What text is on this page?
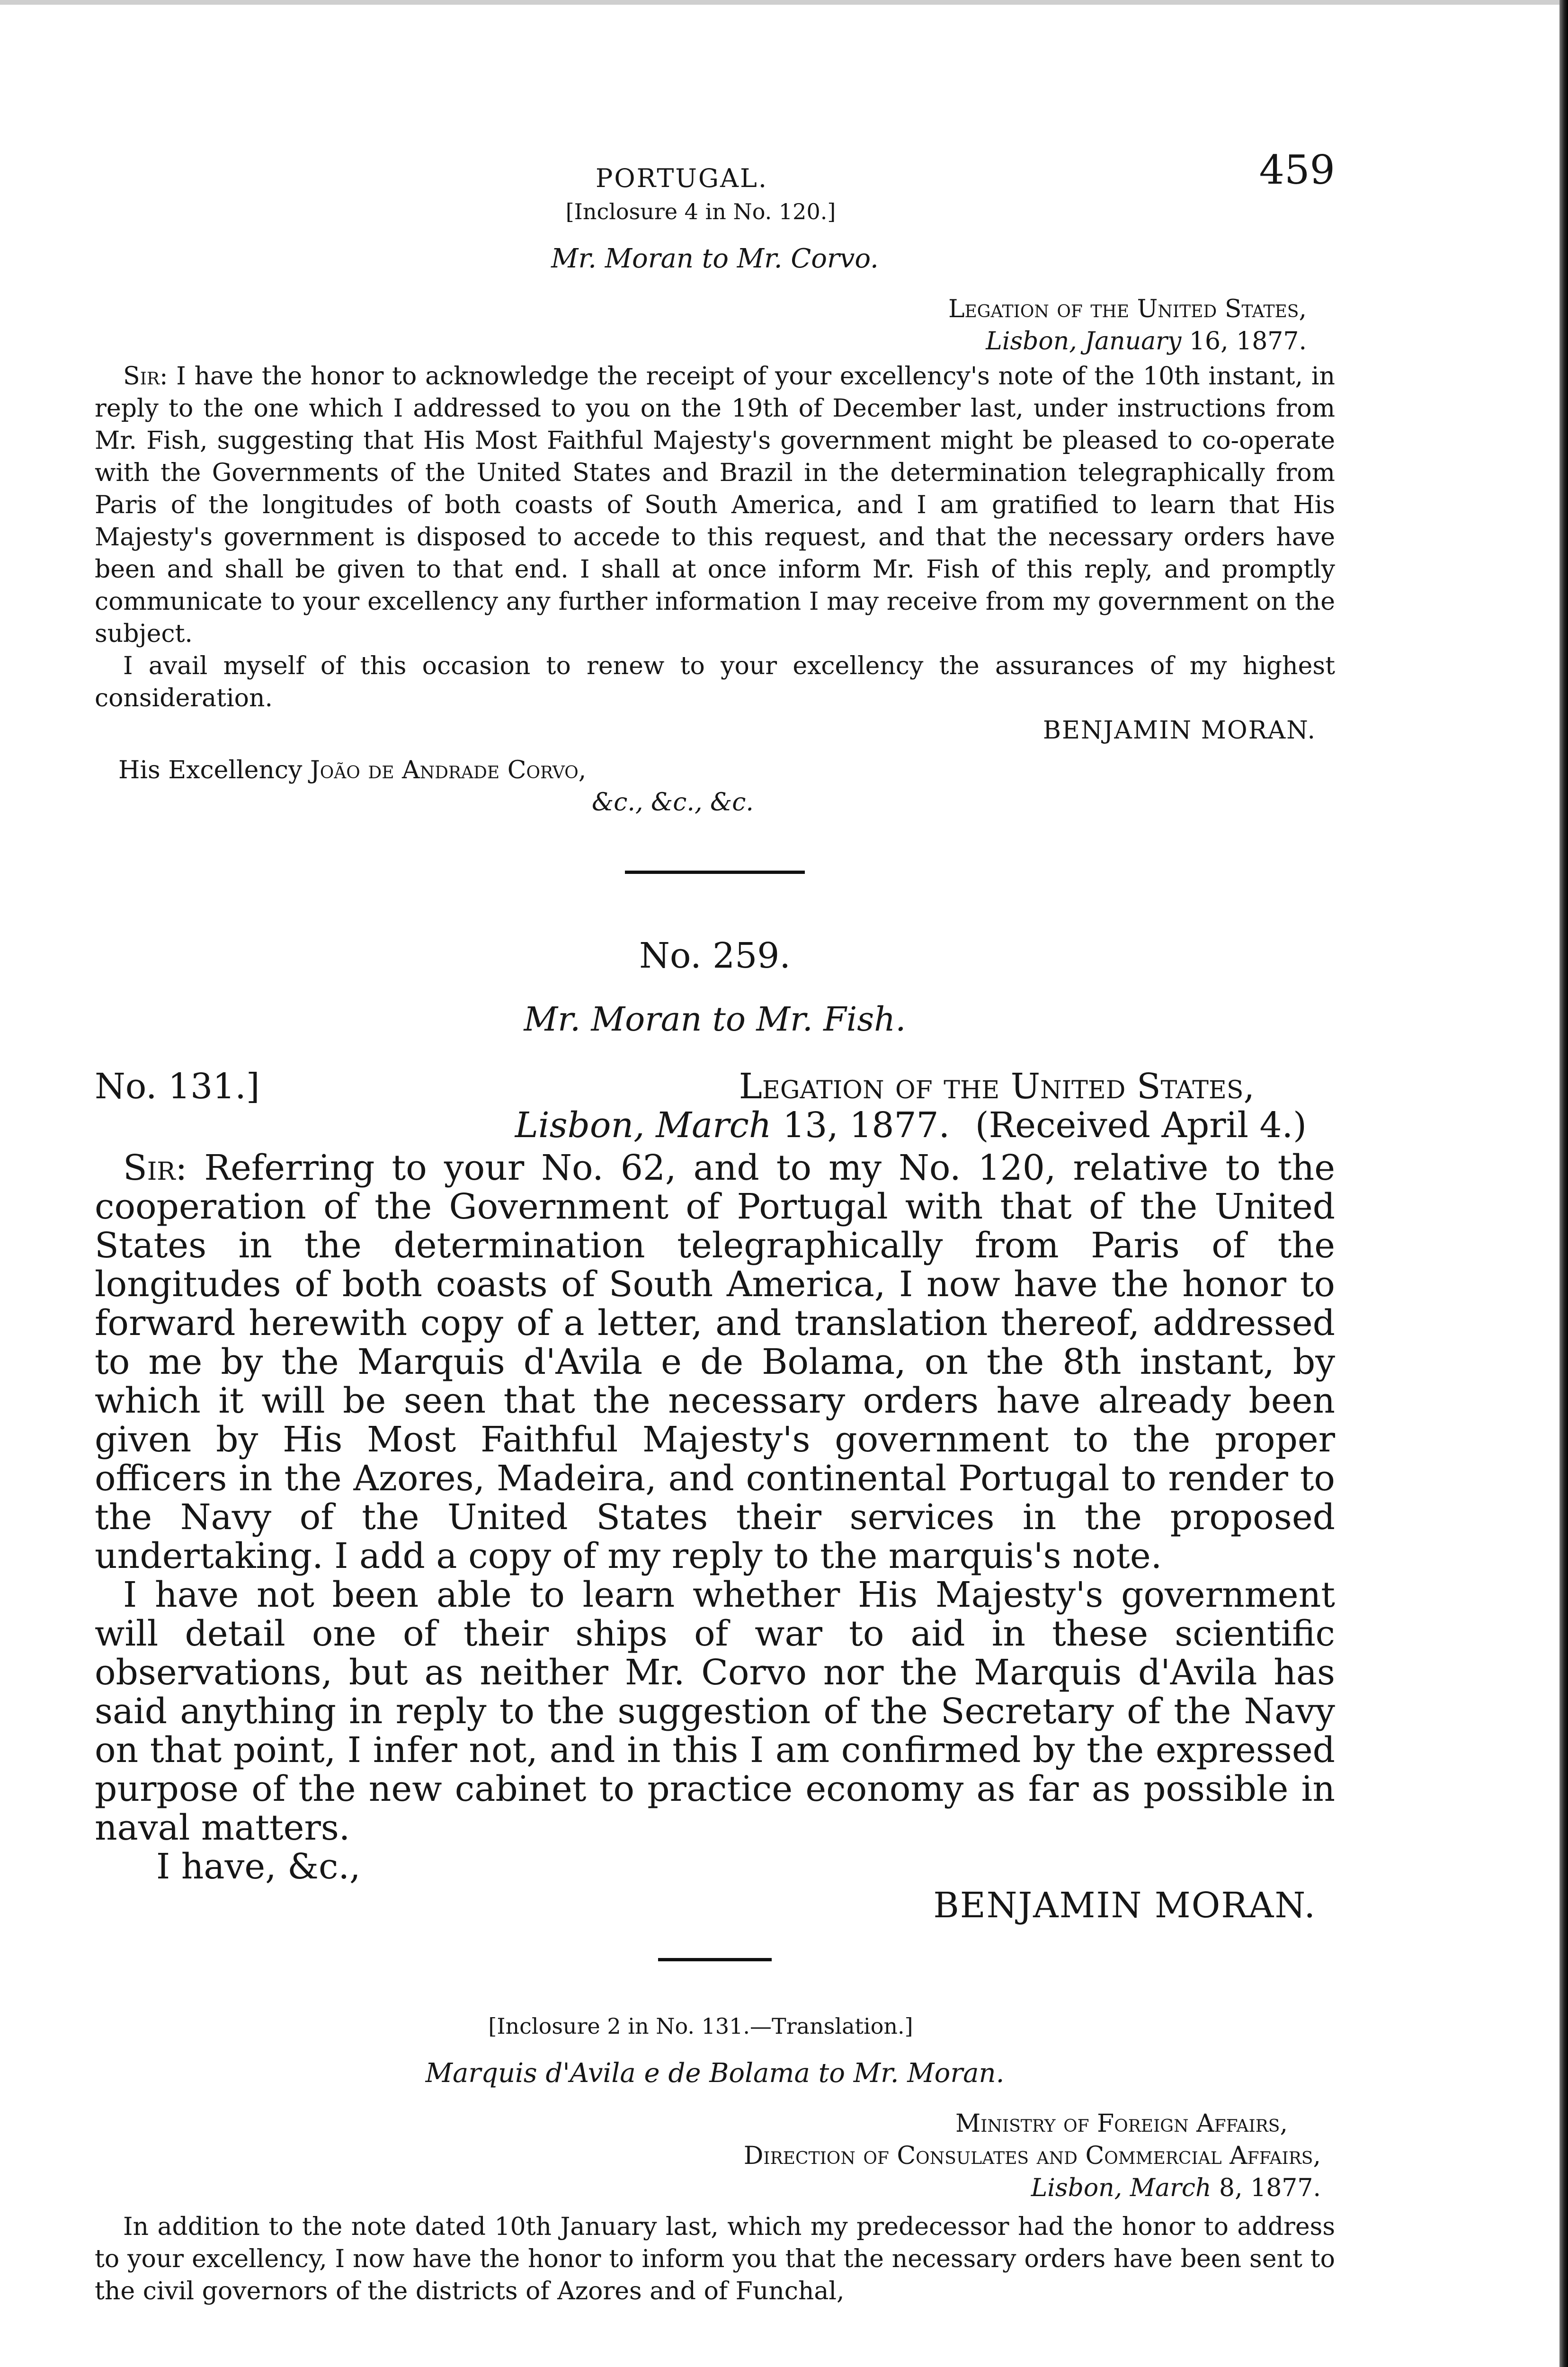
PORTUGAL.	459
[Inclosure 4 in No. 120.]
Mr. Moran to Mr. Corvo.
Legation of the United States,
Lisbon, January 16, 1877.

Sir: I have the honor to acknowledge the receipt of your excellency's note of the 10th instant, in reply to the one which I addressed to you on the 19th of December last, under instructions from Mr. Fish, suggesting that His Most Faithful Majesty's government might be pleased to co-operate with the Governments of the United States and Brazil in the determination telegraphically from Paris of the longitudes of both coasts of South America, and I am gratified to learn that His Majesty's government is disposed to accede to this request, and that the necessary orders have been and shall be given to that end. I shall at once inform Mr. Fish of this reply, and promptly communicate to your excellency any further information I may receive from my government on the subject.

I avail myself of this occasion to renew to your excellency the assurances of my highest consideration.

BENJAMIN MORAN.
His Excellency João de Andrade Corvo,
&c., &c., &c.
No. 259.
Mr. Moran to Mr. Fish.
No. 131.]	Legation of the United States,
Lisbon, March 13, 1877. (Received April 4.)

Sir: Referring to your No. 62, and to my No. 120, relative to the cooperation of the Government of Portugal with that of the United States in the determination telegraphically from Paris of the longitudes of both coasts of South America, I now have the honor to forward herewith copy of a letter, and translation thereof, addressed to me by the Marquis d'Avila e de Bolama, on the 8th instant, by which it will be seen that the necessary orders have already been given by His Most Faithful Majesty's government to the proper officers in the Azores, Madeira, and continental Portugal to render to the Navy of the United States their services in the proposed undertaking. I add a copy of my reply to the marquis's note.

I have not been able to learn whether His Majesty's government will detail one of their ships of war to aid in these scientific observations, but as neither Mr. Corvo nor the Marquis d'Avila has said anything in reply to the suggestion of the Secretary of the Navy on that point, I infer not, and in this I am confirmed by the expressed purpose of the new cabinet to practice economy as far as possible in naval matters.

I have, &c.,

BENJAMIN MORAN.
[Inclosure 2 in No. 131.—Translation.]
Marquis d'Avila e de Bolama to Mr. Moran.
Ministry of Foreign Affairs,
Direction of Consulates and Commercial Affairs,
Lisbon, March 8, 1877.

In addition to the note dated 10th January last, which my predecessor had the honor to address to your excellency, I now have the honor to inform you that the necessary orders have been sent to the civil governors of the districts of Azores and of Funchal,
